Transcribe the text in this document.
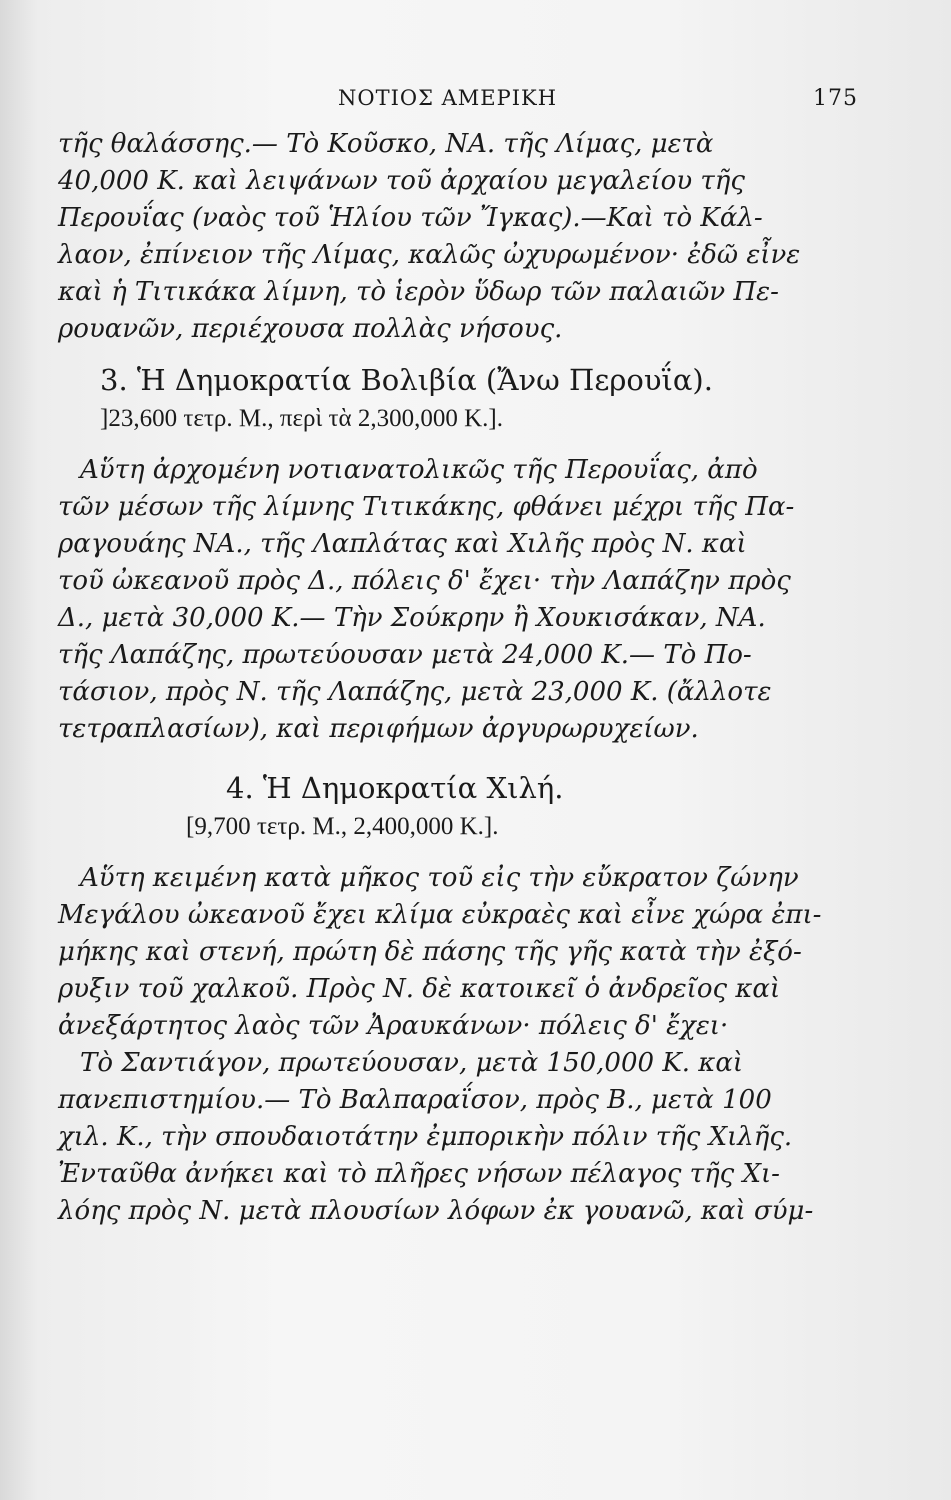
ΝΟΤΙΟΣ ΑΜΕΡΙΚΗ	175
τῆς θαλάσσης.— Τὸ Κοῦσκο, ΝΑ. τῆς Λίμας, μετὰ
40,000 Κ. καὶ λειψάνων τοῦ ἀρχαίου μεγαλείου τῆς
Περουΐας (ναὸς τοῦ Ἡλίου τῶν Ἴγκας).—Καὶ τὸ Κάλ-
λαον, ἐπίνειον τῆς Λίμας, καλῶς ὠχυρωμένον· ἐδῶ εἶνε
καὶ ἡ Τιτικάκα λίμνη, τὸ ἱερὸν ὕδωρ τῶν παλαιῶν Πε-
ρουανῶν, περιέχουσα πολλὰς νήσους.
3. Ἡ Δημοκρατία Βολιβία (Ἄνω Περουΐα).
]23,600 τετρ. Μ., περὶ τὰ 2,300,000 Κ.].
Αὕτη ἀρχομένη νοτιανατολικῶς τῆς Περουΐας, ἀπὸ
τῶν μέσων τῆς λίμνης Τιτικάκης, φθάνει μέχρι τῆς Πα-
ραγουάης ΝΑ., τῆς Λαπλάτας καὶ Χιλῆς πρὸς Ν. καὶ
τοῦ ὠκεανοῦ πρὸς Δ., πόλεις δ' ἔχει· τὴν Λαπάζην πρὸς
Δ., μετὰ 30,000 Κ.— Τὴν Σούκρην ἢ Χουκισάκαν, ΝΑ.
τῆς Λαπάζης, πρωτεύουσαν μετὰ 24,000 Κ.— Τὸ Πο-
τάσιον, πρὸς Ν. τῆς Λαπάζης, μετὰ 23,000 Κ. (ἄλλοτε
τετραπλασίων), καὶ περιφήμων ἀργυρωρυχείων.
4. Ἡ Δημοκρατία Χιλή.
[9,700 τετρ. Μ., 2,400,000 Κ.].
Αὕτη κειμένη κατὰ μῆκος τοῦ εἰς τὴν εὔκρατον ζώνην
Μεγάλου ὠκεανοῦ ἔχει κλίμα εὐκραὲς καὶ εἶνε χώρα ἐπι-
μήκης καὶ στενή, πρώτη δὲ πάσης τῆς γῆς κατὰ τὴν ἐξό-
ρυξιν τοῦ χαλκοῦ. Πρὸς Ν. δὲ κατοικεῖ ὁ ἀνδρεῖος καὶ
ἀνεξάρτητος λαὸς τῶν Ἀραυκάνων· πόλεις δ' ἔχει·
Τὸ Σαντιάγον, πρωτεύουσαν, μετὰ 150,000 Κ. καὶ
πανεπιστημίου.— Τὸ Βαλπαραΐσον, πρὸς Β., μετὰ 100
χιλ. Κ., τὴν σπουδαιοτάτην ἐμπορικὴν πόλιν τῆς Χιλῆς.
Ἐνταῦθα ἀνήκει καὶ τὸ πλῆρες νήσων πέλαγος τῆς Χι-
λόης πρὸς Ν. μετὰ πλουσίων λόφων ἐκ γουανῶ, καὶ σύμ-
